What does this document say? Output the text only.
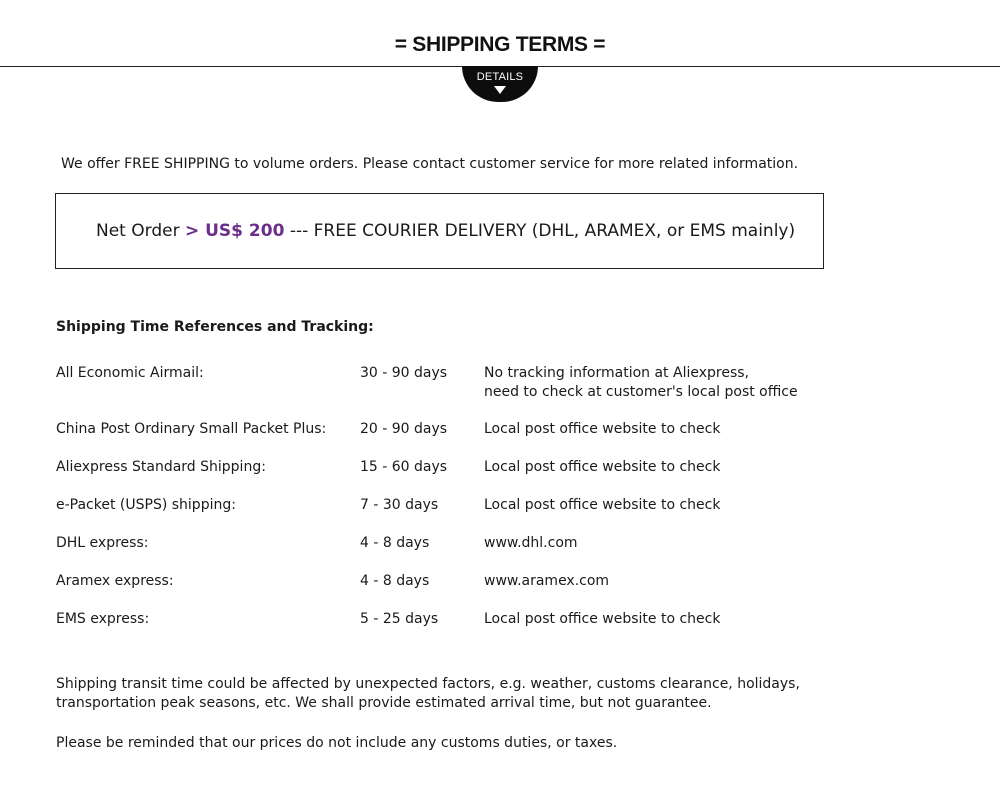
= SHIPPING TERMS =
DETAILS
We offer FREE SHIPPING to volume orders. Please contact customer service for more related information.
Net Order > US$ 200 --- FREE COURIER DELIVERY (DHL, ARAMEX, or EMS mainly)
Shipping Time References and Tracking:
All Economic Airmail:	30 - 90 days	No tracking information at Aliexpress,
need to check at customer's local post office
China Post Ordinary Small Packet Plus: 20 - 90 days	Local post office website to check
Aliexpress Standard Shipping:	15 - 60 days	Local post office website to check
e-Packet (USPS) shipping:	7 - 30 days	Local post office website to check
DHL express:	4 - 8 days	www.dhl.com
Aramex express:	4 - 8 days	www.aramex.com
EMS express:	5 - 25 days	Local post office website to check
Shipping transit time could be affected by unexpected factors, e.g. weather, customs clearance, holidays,
transportation peak seasons, etc. We shall provide estimated arrival time, but not guarantee.
Please be reminded that our prices do not include any customs duties, or taxes.
